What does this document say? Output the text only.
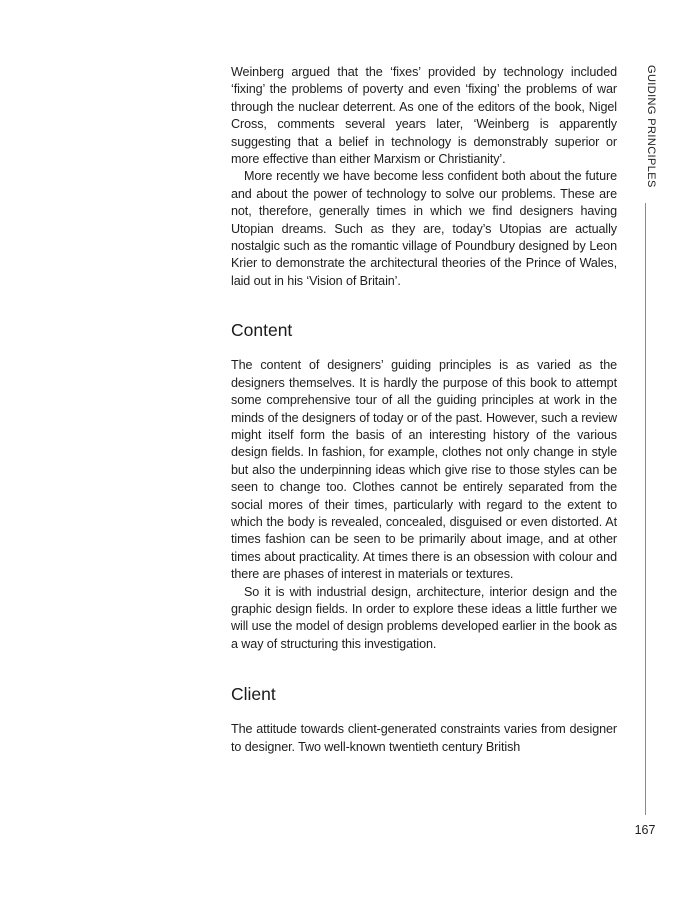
Weinberg argued that the ‘fixes’ provided by technology included ‘fixing’ the problems of poverty and even ‘fixing’ the problems of war through the nuclear deterrent. As one of the editors of the book, Nigel Cross, comments several years later, ‘Weinberg is apparently suggesting that a belief in technology is demonstrably superior or more effective than either Marxism or Christianity’.

More recently we have become less confident both about the future and about the power of technology to solve our problems. These are not, therefore, generally times in which we find designers having Utopian dreams. Such as they are, today’s Utopias are actually nostalgic such as the romantic village of Poundbury designed by Leon Krier to demonstrate the architectural theories of the Prince of Wales, laid out in his ‘Vision of Britain’.

Content

The content of designers’ guiding principles is as varied as the designers themselves. It is hardly the purpose of this book to attempt some comprehensive tour of all the guiding principles at work in the minds of the designers of today or of the past. However, such a review might itself form the basis of an interesting history of the various design fields. In fashion, for example, clothes not only change in style but also the underpinning ideas which give rise to those styles can be seen to change too. Clothes cannot be entirely separated from the social mores of their times, particularly with regard to the extent to which the body is revealed, concealed, disguised or even distorted. At times fashion can be seen to be primarily about image, and at other times about practicality. At times there is an obsession with colour and there are phases of interest in materials or textures.

So it is with industrial design, architecture, interior design and the graphic design fields. In order to explore these ideas a little further we will use the model of design problems developed earlier in the book as a way of structuring this investigation.

Client

The attitude towards client-generated constraints varies from designer to designer. Two well-known twentieth century British

GUIDING PRINCIPLES
167
